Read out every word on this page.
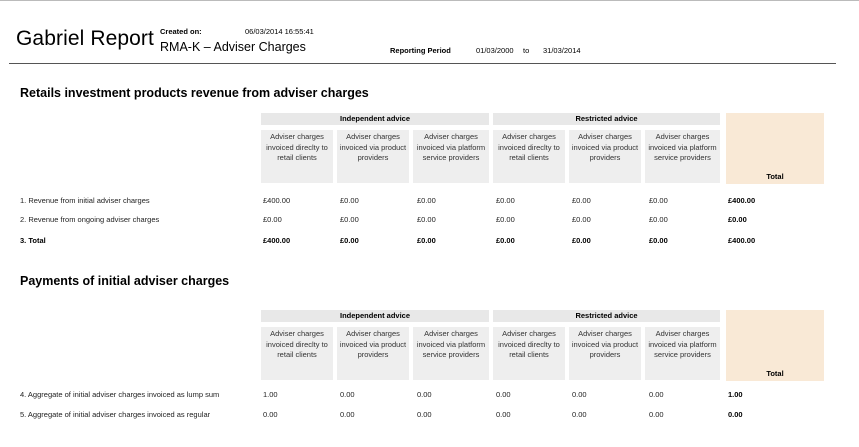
Gabriel Report Created on:	06/03/2014 16:55:41
RMA-K – Adviser Charges	Reporting Period	01/03/2000 to 31/03/2014
Retails investment products revenue from adviser charges
Independent advice	Restricted advice
Adviser charges invoiced direclty to retail clients
Adviser charges invoiced via product providers
Adviser charges invoiced via platform service providers
Adviser charges invoiced direclty to retail clients
Adviser charges invoiced via product providers
Adviser charges invoiced via platform service providers
Total
1. Revenue from initial adviser charges	£400.00	£0.00	£0.00	£0.00	£0.00	£0.00	£400.00
2. Revenue from ongoing adviser charges	£0.00	£0.00	£0.00	£0.00	£0.00	£0.00	£0.00
3. Total	£400.00	£0.00	£0.00	£0.00	£0.00	£0.00	£400.00
Payments of initial adviser charges
Independent advice	Restricted advice
Adviser charges invoiced direclty to retail clients
Adviser charges invoiced via product providers
Adviser charges invoiced via platform service providers
Adviser charges invoiced direclty to retail clients
Adviser charges invoiced via product providers
Adviser charges invoiced via platform service providers
Total
4. Aggregate of initial adviser charges invoiced as lump sum	1.00	0.00	0.00	0.00	0.00	0.00	1.00
5. Aggregate of initial adviser charges invoiced as regular	0.00	0.00	0.00	0.00	0.00	0.00	0.00
